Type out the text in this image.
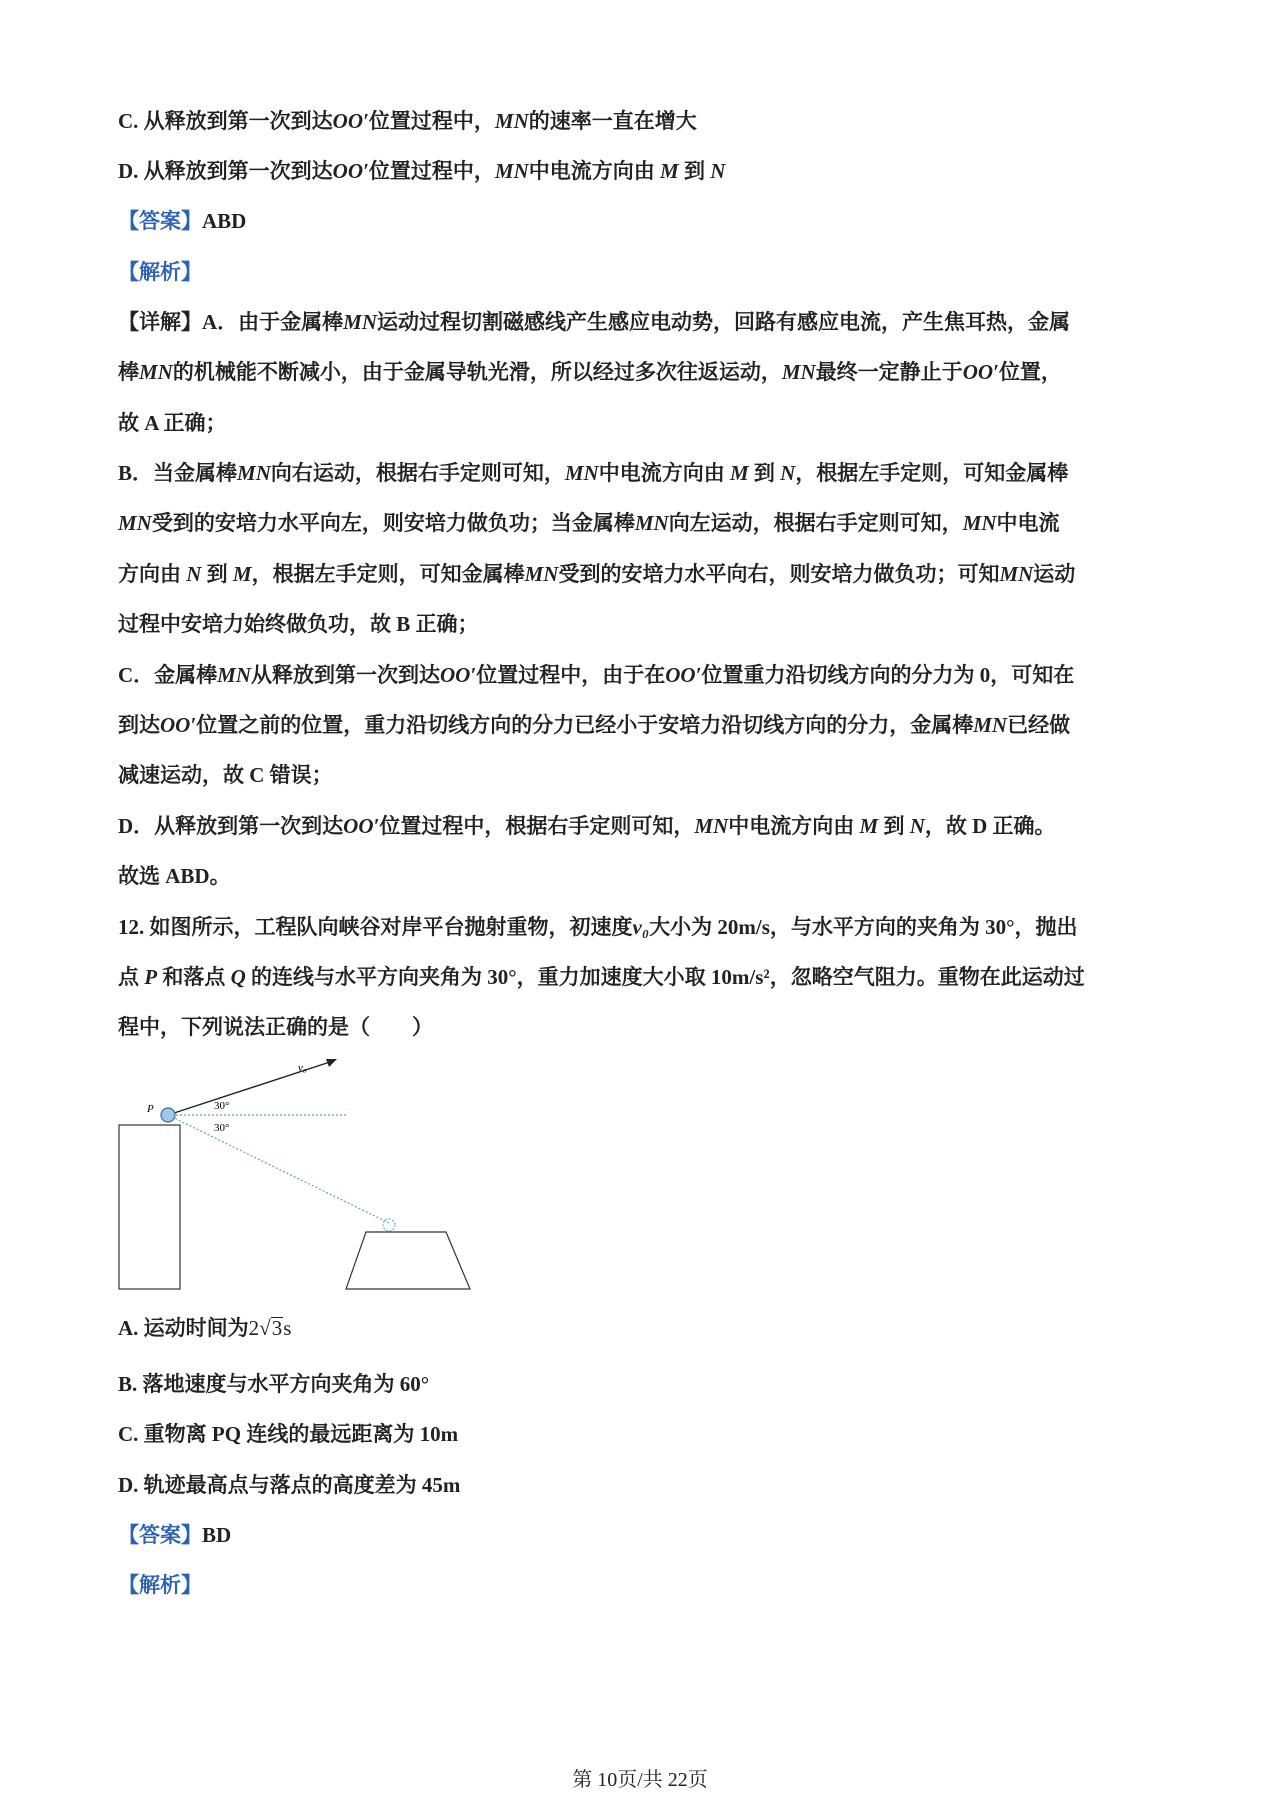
C. 从释放到第一次到达OO′位置过程中，MN的速率一直在增大
D. 从释放到第一次到达OO′位置过程中，MN中电流方向由 M 到 N
【答案】ABD
【解析】
【详解】A．由于金属棒MN运动过程切割磁感线产生感应电动势，回路有感应电流，产生焦耳热，金属
棒MN的机械能不断减小，由于金属导轨光滑，所以经过多次往返运动，MN最终一定静止于OO′位置，
故 A 正确；
B．当金属棒MN向右运动，根据右手定则可知，MN中电流方向由 M 到 N，根据左手定则，可知金属棒
MN受到的安培力水平向左，则安培力做负功；当金属棒MN向左运动，根据右手定则可知，MN中电流
方向由 N 到 M，根据左手定则，可知金属棒MN受到的安培力水平向右，则安培力做负功；可知MN运动
过程中安培力始终做负功，故 B 正确；
C．金属棒MN从释放到第一次到达OO′位置过程中，由于在OO′位置重力沿切线方向的分力为 0，可知在
到达OO′位置之前的位置，重力沿切线方向的分力已经小于安培力沿切线方向的分力，金属棒MN已经做
减速运动，故 C 错误；
D．从释放到第一次到达OO′位置过程中，根据右手定则可知，MN中电流方向由 M 到 N，故 D 正确。
故选 ABD。
12. 如图所示，工程队向峡谷对岸平台抛射重物，初速度v₀大小为 20m/s，与水平方向的夹角为 30°，抛出
点 P 和落点 Q 的连线与水平方向夹角为 30°，重力加速度大小取 10m/s²，忽略空气阻力。重物在此运动过
程中，下列说法正确的是（　　）
v₀
P	30°
30°
A. 运动时间为2√3s
B. 落地速度与水平方向夹角为 60°
C. 重物离 PQ 连线的最远距离为 10m
D. 轨迹最高点与落点的高度差为 45m
【答案】BD
【解析】
第 10页/共 22页
